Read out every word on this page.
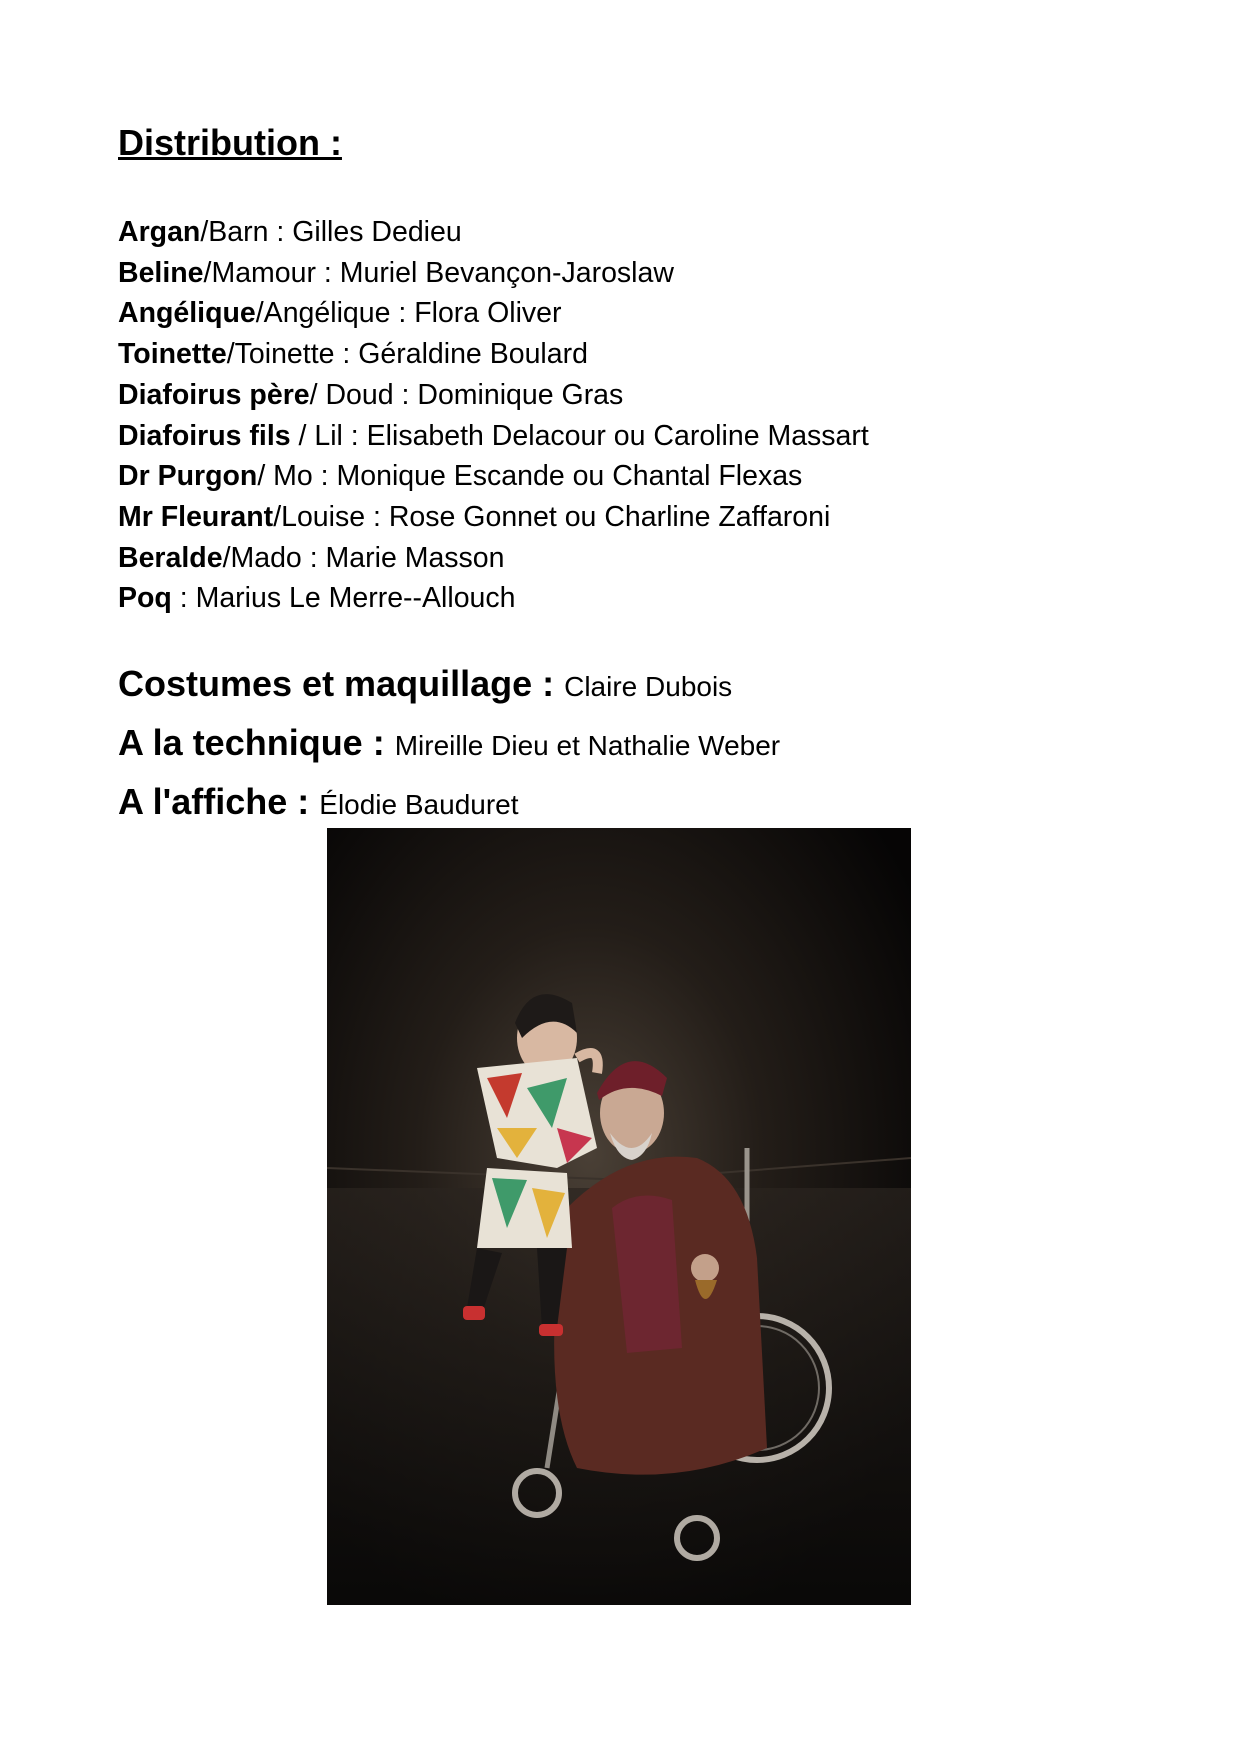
Distribution :
Argan/Barn : Gilles Dedieu
Beline/Mamour : Muriel Bevançon-Jaroslaw
Angélique/Angélique : Flora Oliver
Toinette/Toinette : Géraldine Boulard
Diafoirus père/ Doud : Dominique Gras
Diafoirus fils / Lil : Elisabeth Delacour ou Caroline Massart
Dr Purgon/ Mo : Monique Escande ou Chantal Flexas
Mr Fleurant/Louise : Rose Gonnet ou Charline Zaffaroni
Beralde/Mado : Marie Masson
Poq : Marius Le Merre--Allouch
Costumes et maquillage : Claire Dubois
A la technique : Mireille Dieu et Nathalie Weber
A l'affiche : Élodie Bauduret
